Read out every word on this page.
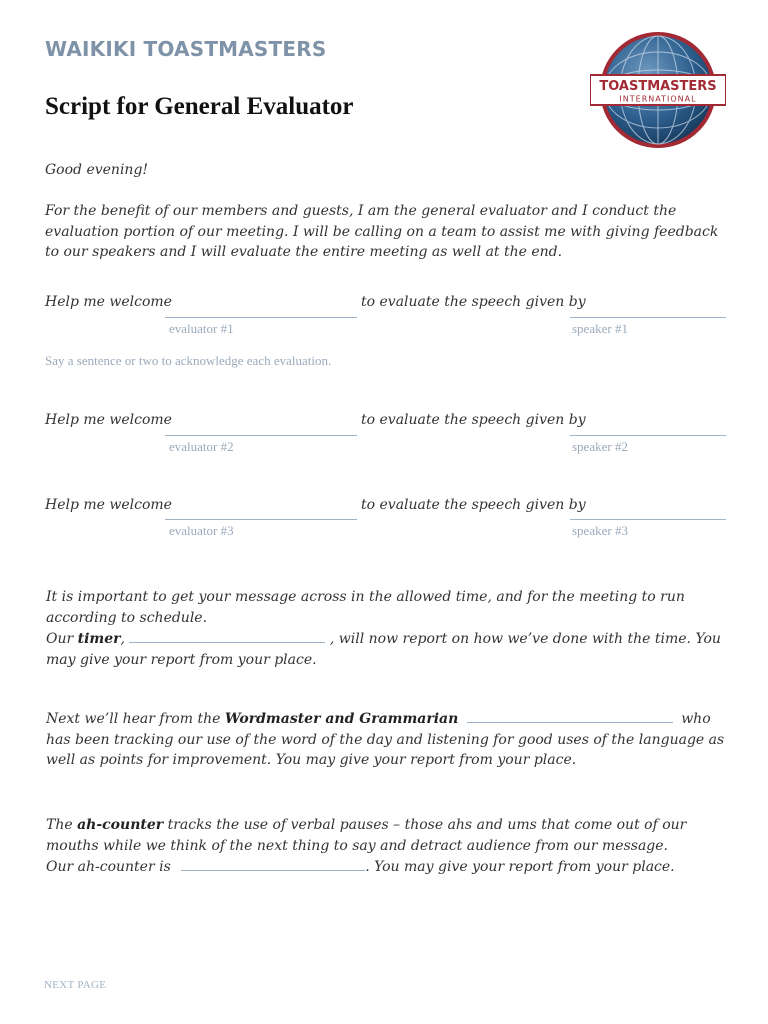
WAIKIKI TOASTMASTERS
Script for General Evaluator
TOASTMASTERS
INTERNATIONAL
Good evening!
For the benefit of our members and guests, I am the general evaluator and I conduct the evaluation portion of our meeting. I will be calling on a team to assist me with giving feedback to our speakers and I will evaluate the entire meeting as well at the end.
Help me welcome	to evaluate the speech given by
evaluator #1	speaker #1
Say a sentence or two to acknowledge each evaluation.
Help me welcome	to evaluate the speech given by
evaluator #2	speaker #2
Help me welcome	to evaluate the speech given by
evaluator #3	speaker #3
It is important to get your message across in the allowed time, and for the meeting to run according to schedule.
Our timer,	, will now report on how we’ve done with the time. You may give your report from your place.
Next we’ll hear from the Wordmaster and Grammarian	who has been tracking our use of the word of the day and listening for good uses of the language as well as points for improvement. You may give your report from your place.
The ah-counter tracks the use of verbal pauses – those ahs and ums that come out of our mouths while we think of the next thing to say and detract audience from our message.
Our ah-counter is	. You may give your report from your place.
NEXT PAGE
